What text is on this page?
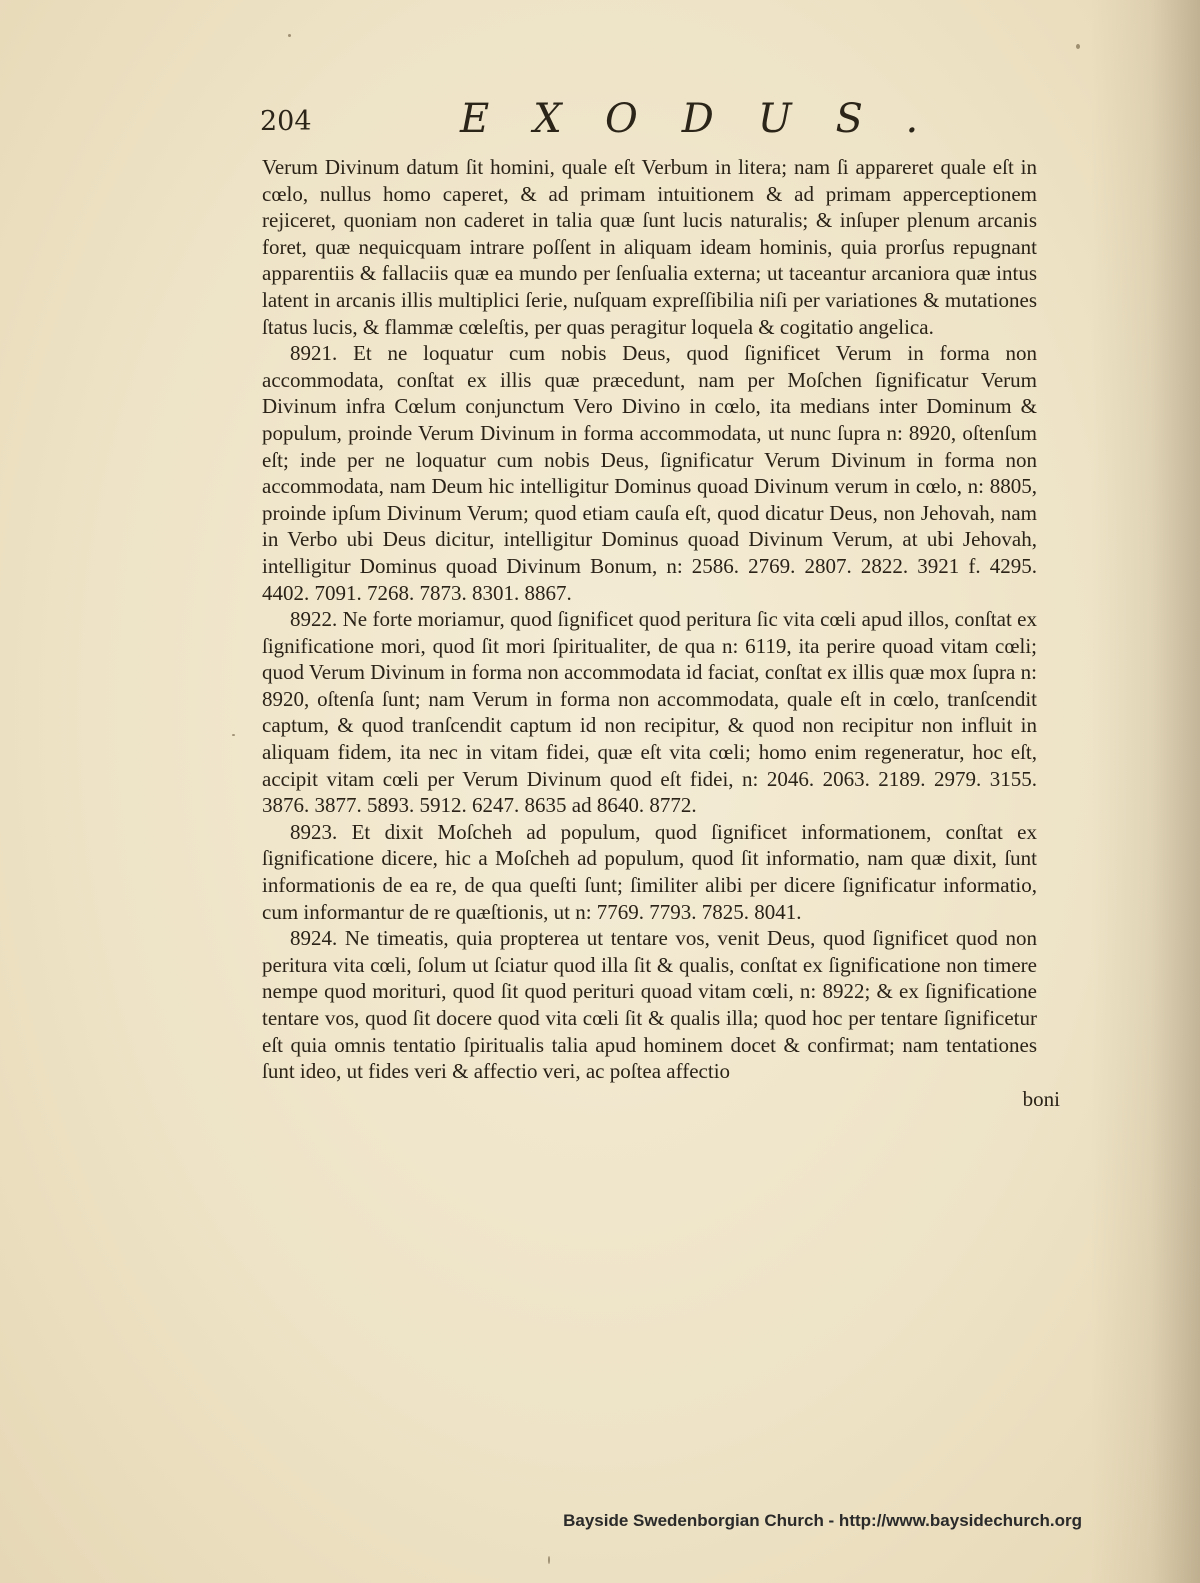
204	EXODUS.

Verum Divinum datum ſit homini, quale eſt Verbum in litera; nam ſi appareret quale eſt in cœlo, nullus homo caperet, & ad primam intuitionem & ad primam apperceptionem rejiceret, quoniam non caderet in talia quæ ſunt lucis naturalis; & inſuper plenum arcanis foret, quæ nequicquam intrare poſſent in aliquam ideam hominis, quia prorſus repugnant apparentiis & fallaciis quæ ea mundo per ſenſualia externa; ut taceantur arcaniora quæ intus latent in arcanis illis multiplici ſerie, nuſquam expreſſibilia niſi per variationes & mutationes ſtatus lucis, & flammæ cœleſtis, per quas peragitur loquela & cogitatio angelica.

8921. Et ne loquatur cum nobis Deus, quod ſignificet Verum in forma non accommodata, conſtat ex illis quæ præcedunt, nam per Moſchen ſignificatur Verum Divinum infra Cœlum conjunctum Vero Divino in cœlo, ita medians inter Dominum & populum, proinde Verum Divinum in forma accommodata, ut nunc ſupra n: 8920, oſtenſum eſt; inde per ne loquatur cum nobis Deus, ſignificatur Verum Divinum in forma non accommodata, nam Deum hic intelligitur Dominus quoad Divinum verum in cœlo, n: 8805, proinde ipſum Divinum Verum; quod etiam cauſa eſt, quod dicatur Deus, non Jehovah, nam in Verbo ubi Deus dicitur, intelligitur Dominus quoad Divinum Verum, at ubi Jehovah, intelligitur Dominus quoad Divinum Bonum, n: 2586. 2769. 2807. 2822. 3921 f. 4295. 4402. 7091. 7268. 7873. 8301. 8867.

8922. Ne forte moriamur, quod ſignificet quod peritura ſic vita cœli apud illos, conſtat ex ſignificatione mori, quod ſit mori ſpiritualiter, de qua n: 6119, ita perire quoad vitam cœli; quod Verum Divinum in forma non accommodata id faciat, conſtat ex illis quæ mox ſupra n: 8920, oſtenſa ſunt; nam Verum in forma non accommodata, quale eſt in cœlo, tranſcendit captum, & quod tranſcendit captum id non recipitur, & quod non recipitur non influit in aliquam fidem, ita nec in vitam fidei, quæ eſt vita cœli; homo enim regeneratur, hoc eſt, accipit vitam cœli per Verum Divinum quod eſt fidei, n: 2046. 2063. 2189. 2979. 3155. 3876. 3877. 5893. 5912. 6247. 8635 ad 8640. 8772.

8923. Et dixit Moſcheh ad populum, quod ſignificet informationem, conſtat ex ſignificatione dicere, hic a Moſcheh ad populum, quod ſit informatio, nam quæ dixit, ſunt informationis de ea re, de qua queſti ſunt; ſimiliter alibi per dicere ſignificatur informatio, cum informantur de re quæſtionis, ut n: 7769. 7793. 7825. 8041.

8924. Ne timeatis, quia propterea ut tentare vos, venit Deus, quod ſignificet quod non peritura vita cœli, ſolum ut ſciatur quod illa ſit & qualis, conſtat ex ſignificatione non timere nempe quod morituri, quod ſit quod perituri quoad vitam cœli, n: 8922; & ex ſignificatione tentare vos, quod ſit docere quod vita cœli ſit & qualis illa; quod hoc per tentare ſignificetur eſt quia omnis tentatio ſpiritualis talia apud hominem docet & confirmat; nam tentationes ſunt ideo, ut fides veri & affectio veri, ac poſtea affectio

boni
Bayside Swedenborgian Church - http://www.baysidechurch.org
